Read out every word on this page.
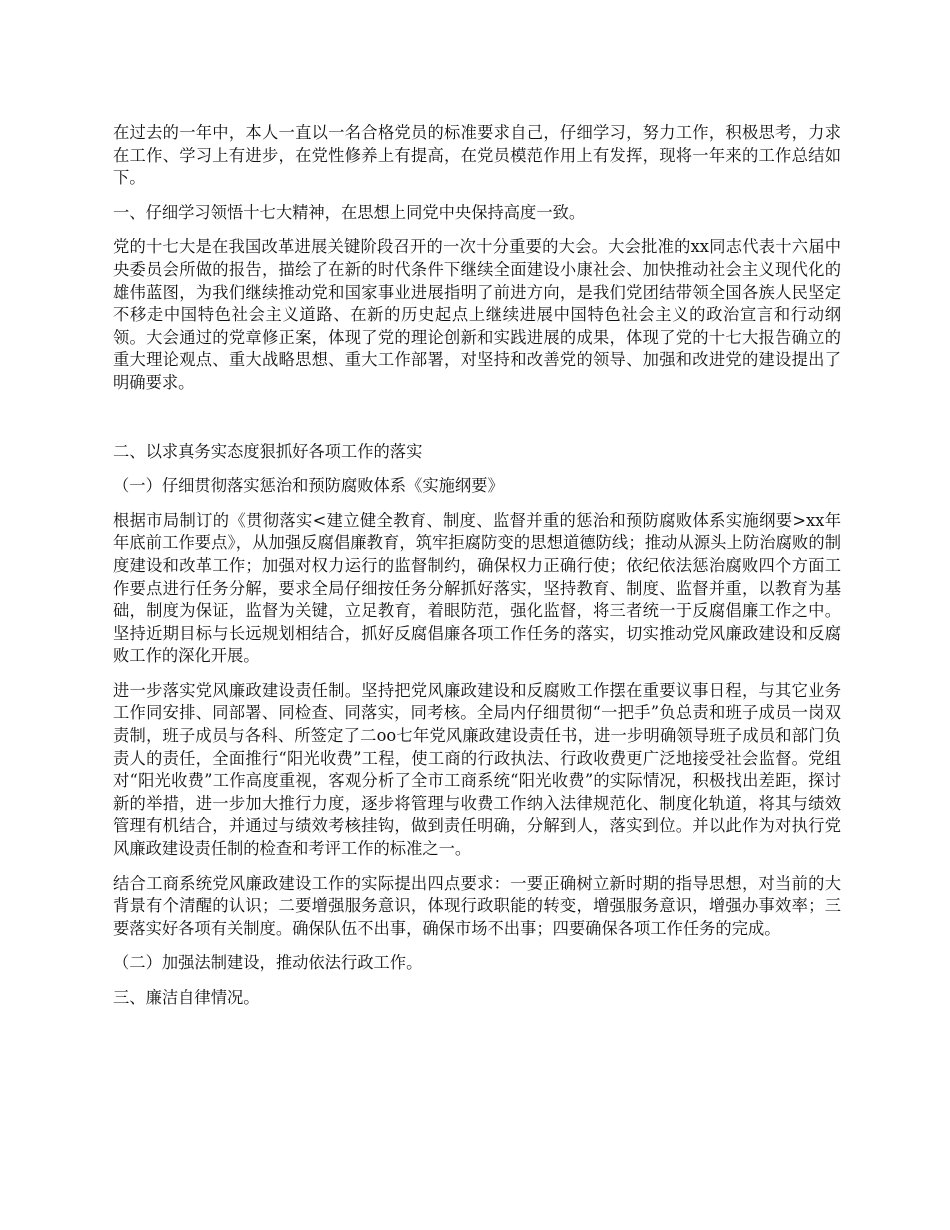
在过去的一年中，本人一直以一名合格党员的标准要求自己，仔细学习，努力工作，积极思考，力求在工作、学习上有进步，在党性修养上有提高，在党员模范作用上有发挥，现将一年来的工作总结如下。

一、仔细学习领悟十七大精神，在思想上同党中央保持高度一致。

党的十七大是在我国改革进展关键阶段召开的一次十分重要的大会。大会批准的xx同志代表十六届中央委员会所做的报告，描绘了在新的时代条件下继续全面建设小康社会、加快推动社会主义现代化的雄伟蓝图，为我们继续推动党和国家事业进展指明了前进方向，是我们党团结带领全国各族人民坚定不移走中国特色社会主义道路、在新的历史起点上继续进展中国特色社会主义的政治宣言和行动纲领。大会通过的党章修正案，体现了党的理论创新和实践进展的成果，体现了党的十七大报告确立的重大理论观点、重大战略思想、重大工作部署，对坚持和改善党的领导、加强和改进党的建设提出了明确要求。

二、以求真务实态度狠抓好各项工作的落实

（一）仔细贯彻落实惩治和预防腐败体系《实施纲要》

根据市局制订的《贯彻落实<建立健全教育、制度、监督并重的惩治和预防腐败体系实施纲要>xx年年底前工作要点》，从加强反腐倡廉教育，筑牢拒腐防变的思想道德防线；推动从源头上防治腐败的制度建设和改革工作；加强对权力运行的监督制约，确保权力正确行使；依纪依法惩治腐败四个方面工作要点进行任务分解，要求全局仔细按任务分解抓好落实，坚持教育、制度、监督并重，以教育为基础，制度为保证，监督为关键，立足教育，着眼防范，强化监督，将三者统一于反腐倡廉工作之中。坚持近期目标与长远规划相结合，抓好反腐倡廉各项工作任务的落实，切实推动党风廉政建设和反腐败工作的深化开展。

进一步落实党风廉政建设责任制。坚持把党风廉政建设和反腐败工作摆在重要议事日程，与其它业务工作同安排、同部署、同检查、同落实，同考核。全局内仔细贯彻“一把手”负总责和班子成员一岗双责制，班子成员与各科、所签定了二oo七年党风廉政建设责任书，进一步明确领导班子成员和部门负责人的责任，全面推行“阳光收费”工程，使工商的行政执法、行政收费更广泛地接受社会监督。党组对“阳光收费”工作高度重视，客观分析了全市工商系统“阳光收费”的实际情况，积极找出差距，探讨新的举措，进一步加大推行力度，逐步将管理与收费工作纳入法律规范化、制度化轨道，将其与绩效管理有机结合，并通过与绩效考核挂钩，做到责任明确，分解到人，落实到位。并以此作为对执行党风廉政建设责任制的检查和考评工作的标准之一。

结合工商系统党风廉政建设工作的实际提出四点要求：一要正确树立新时期的指导思想，对当前的大背景有个清醒的认识；二要增强服务意识，体现行政职能的转变，增强服务意识，增强办事效率；三要落实好各项有关制度。确保队伍不出事，确保市场不出事；四要确保各项工作任务的完成。

（二）加强法制建设，推动依法行政工作。

三、廉洁自律情况。
